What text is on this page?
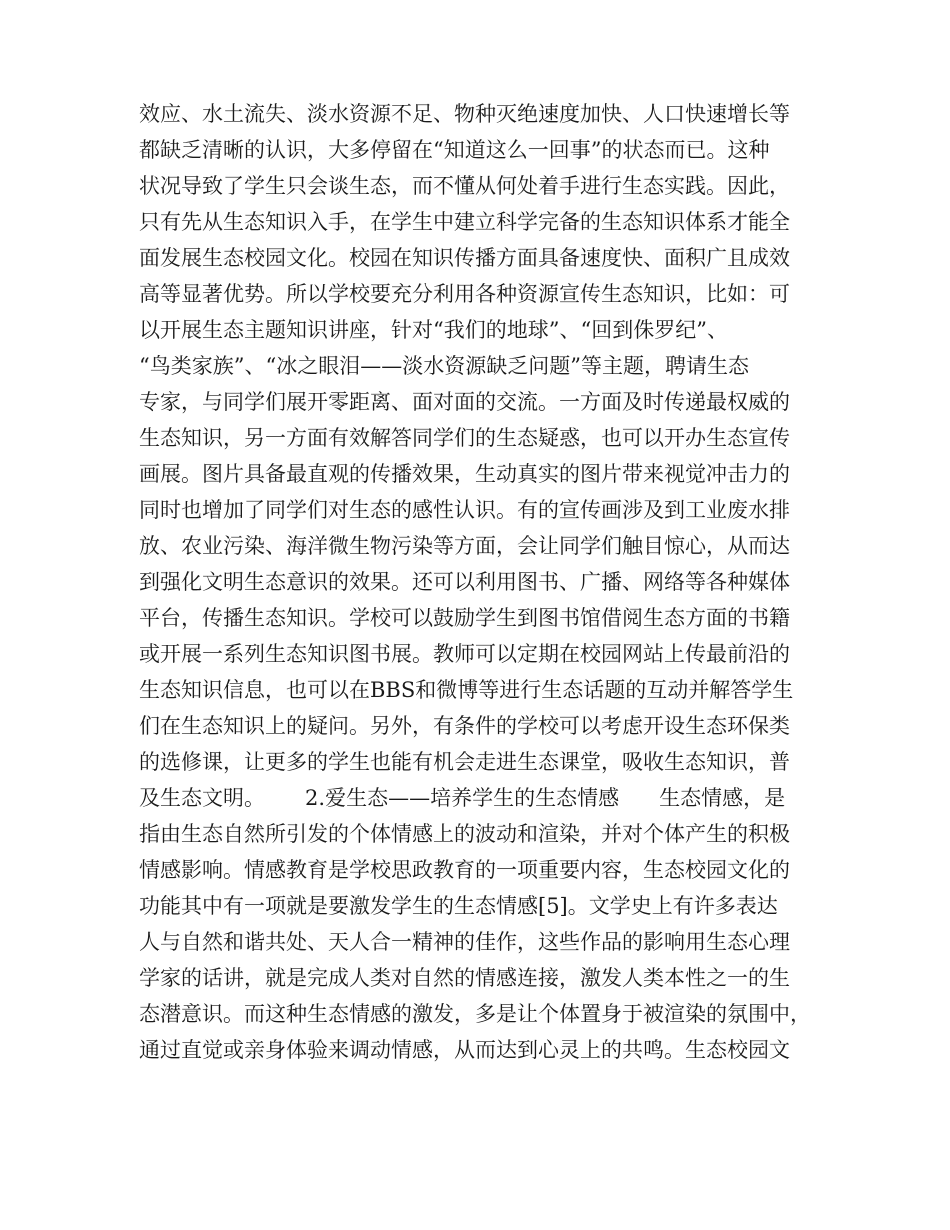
效应、水土流失、淡水资源不足、物种灭绝速度加快、人口快速增长等
都缺乏清晰的认识，大多停留在“知道这么一回事”的状态而已。这种
状况导致了学生只会谈生态，而不懂从何处着手进行生态实践。因此，
只有先从生态知识入手，在学生中建立科学完备的生态知识体系才能全
面发展生态校园文化。校园在知识传播方面具备速度快、面积广且成效
高等显著优势。所以学校要充分利用各种资源宣传生态知识，比如：可
以开展生态主题知识讲座，针对“我们的地球”、“回到侏罗纪”、
“鸟类家族”、“冰之眼泪——淡水资源缺乏问题”等主题，聘请生态
专家，与同学们展开零距离、面对面的交流。一方面及时传递最权威的
生态知识，另一方面有效解答同学们的生态疑惑，也可以开办生态宣传
画展。图片具备最直观的传播效果，生动真实的图片带来视觉冲击力的
同时也增加了同学们对生态的感性认识。有的宣传画涉及到工业废水排
放、农业污染、海洋微生物污染等方面，会让同学们触目惊心，从而达
到强化文明生态意识的效果。还可以利用图书、广播、网络等各种媒体
平台，传播生态知识。学校可以鼓励学生到图书馆借阅生态方面的书籍
或开展一系列生态知识图书展。教师可以定期在校园网站上传最前沿的
生态知识信息，也可以在BBS和微博等进行生态话题的互动并解答学生
们在生态知识上的疑问。另外，有条件的学校可以考虑开设生态环保类
的选修课，让更多的学生也能有机会走进生态课堂，吸收生态知识，普
及生态文明。      2.爱生态——培养学生的生态情感      生态情感，是
指由生态自然所引发的个体情感上的波动和渲染，并对个体产生的积极
情感影响。情感教育是学校思政教育的一项重要内容，生态校园文化的
功能其中有一项就是要激发学生的生态情感[5]。文学史上有许多表达
人与自然和谐共处、天人合一精神的佳作，这些作品的影响用生态心理
学家的话讲，就是完成人类对自然的情感连接，激发人类本性之一的生
态潜意识。而这种生态情感的激发，多是让个体置身于被渲染的氛围中，
通过直觉或亲身体验来调动情感，从而达到心灵上的共鸣。生态校园文
